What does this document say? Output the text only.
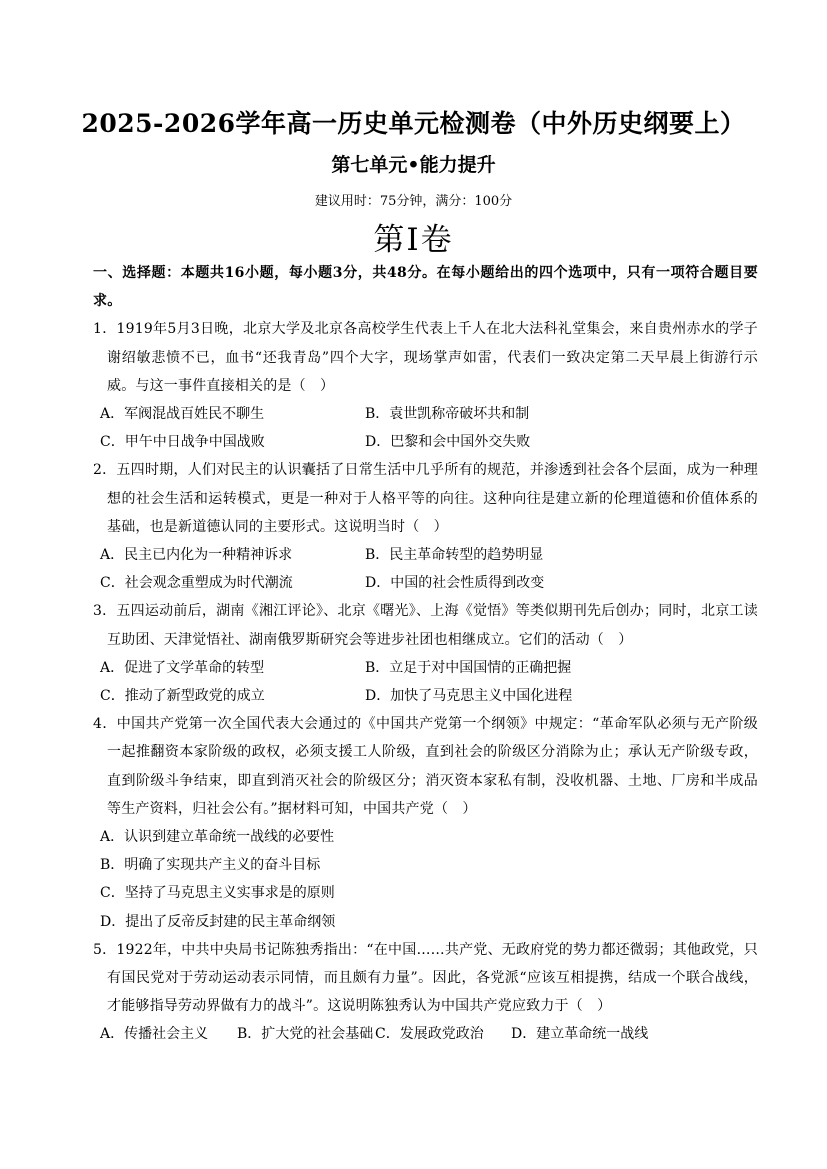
2025-2026学年高一历史单元检测卷（中外历史纲要上）
第七单元•能力提升
建议用时：75分钟，满分：100分
第Ⅰ卷
一、选择题：本题共16小题，每小题3分，共48分。在每小题给出的四个选项中，只有一项符合题目要求。
1．1919年5月3日晚，北京大学及北京各高校学生代表上千人在北大法科礼堂集会，来自贵州赤水的学子谢绍敏悲愤不已，血书“还我青岛”四个大字，现场掌声如雷，代表们一致决定第二天早晨上街游行示威。与这一事件直接相关的是（　）
A．军阀混战百姓民不聊生	B．袁世凯称帝破坏共和制
C．甲午中日战争中国战败	D．巴黎和会中国外交失败
2．五四时期，人们对民主的认识囊括了日常生活中几乎所有的规范，并渗透到社会各个层面，成为一种理想的社会生活和运转模式，更是一种对于人格平等的向往。这种向往是建立新的伦理道德和价值体系的基础，也是新道德认同的主要形式。这说明当时（　）
A．民主已内化为一种精神诉求	B．民主革命转型的趋势明显
C．社会观念重塑成为时代潮流	D．中国的社会性质得到改变
3．五四运动前后，湖南《湘江评论》、北京《曙光》、上海《觉悟》等类似期刊先后创办；同时，北京工读互助团、天津觉悟社、湖南俄罗斯研究会等进步社团也相继成立。它们的活动（　）
A．促进了文学革命的转型	B．立足于对中国国情的正确把握
C．推动了新型政党的成立	D．加快了马克思主义中国化进程
4．中国共产党第一次全国代表大会通过的《中国共产党第一个纲领》中规定：“革命军队必须与无产阶级一起推翻资本家阶级的政权，必须支援工人阶级，直到社会的阶级区分消除为止；承认无产阶级专政，直到阶级斗争结束，即直到消灭社会的阶级区分；消灭资本家私有制，没收机器、土地、厂房和半成品等生产资料，归社会公有。”据材料可知，中国共产党（　）
A．认识到建立革命统一战线的必要性
B．明确了实现共产主义的奋斗目标
C．坚持了马克思主义实事求是的原则
D．提出了反帝反封建的民主革命纲领
5．1922年，中共中央局书记陈独秀指出：“在中国……共产党、无政府党的势力都还微弱；其他政党，只有国民党对于劳动运动表示同情，而且颇有力量”。因此，各党派“应该互相提携，结成一个联合战线，才能够指导劳动界做有力的战斗”。这说明陈独秀认为中国共产党应致力于（　）
A．传播社会主义	B．扩大党的社会基础 C．发展政党政治	D．建立革命统一战线
